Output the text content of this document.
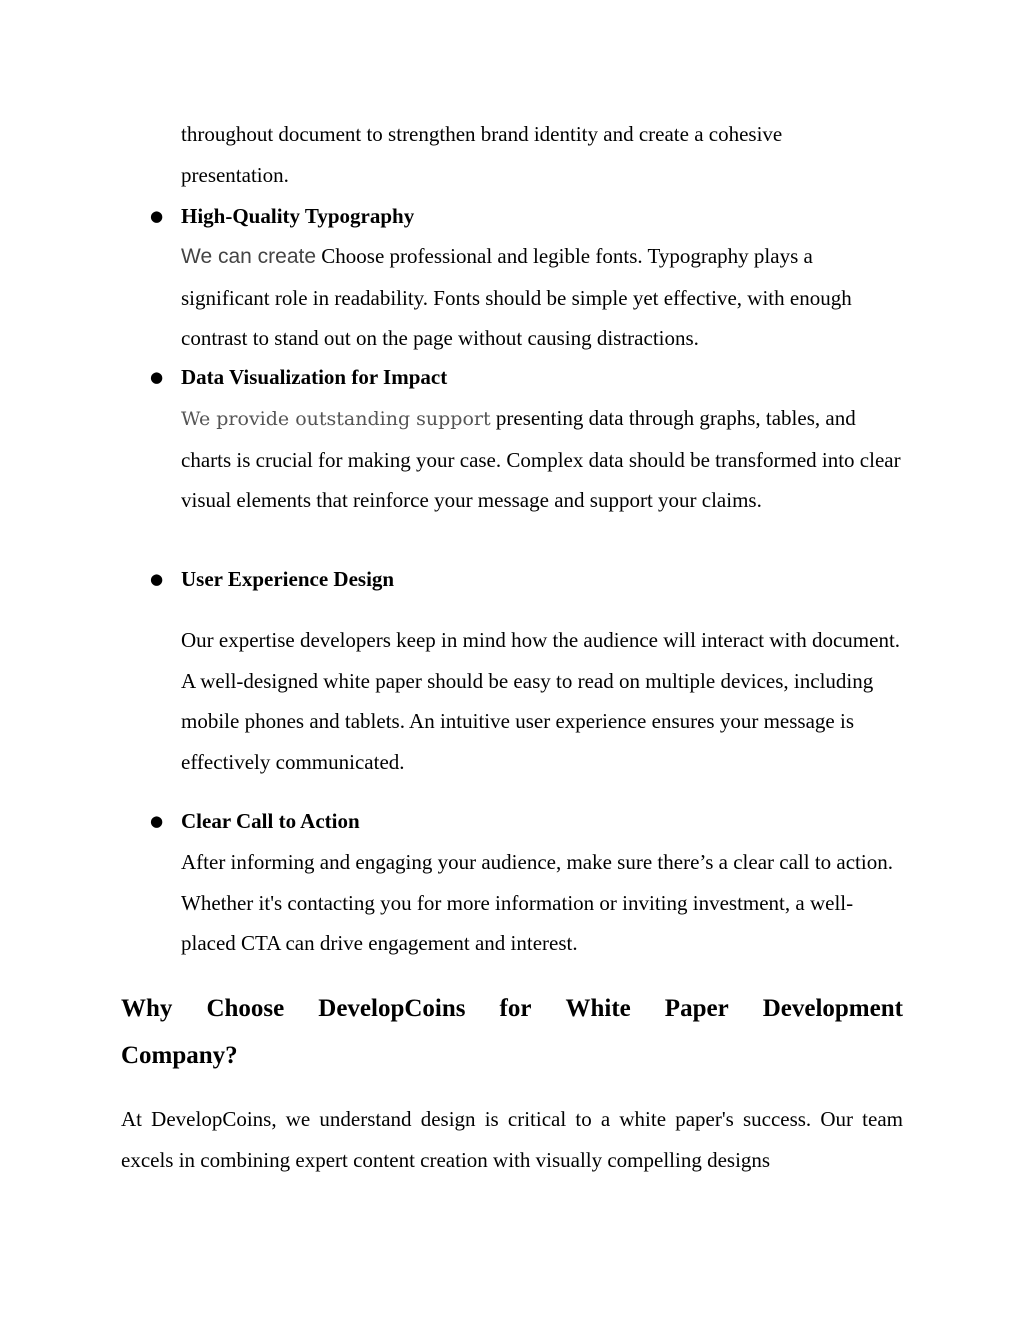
throughout document to strengthen brand identity and create a cohesive
presentation.

● High-Quality Typography

We can create Choose professional and legible fonts. Typography plays a significant role in readability. Fonts should be simple yet effective, with enough contrast to stand out on the page without causing distractions.

● Data Visualization for Impact

We provide outstanding support presenting data through graphs, tables, and charts is crucial for making your case. Complex data should be transformed into clear visual elements that reinforce your message and support your claims.

● User Experience Design

Our expertise developers keep in mind how the audience will interact with document. A well-designed white paper should be easy to read on multiple devices, including mobile phones and tablets. An intuitive user experience ensures your message is effectively communicated.

● Clear Call to Action

After informing and engaging your audience, make sure there’s a clear call to action. Whether it's contacting you for more information or inviting investment, a well-placed CTA can drive engagement and interest.

Why Choose DevelopCoins for White Paper Development
Company?

At DevelopCoins, we understand design is critical to a white paper's success. Our team excels in combining expert content creation with visually compelling designs
